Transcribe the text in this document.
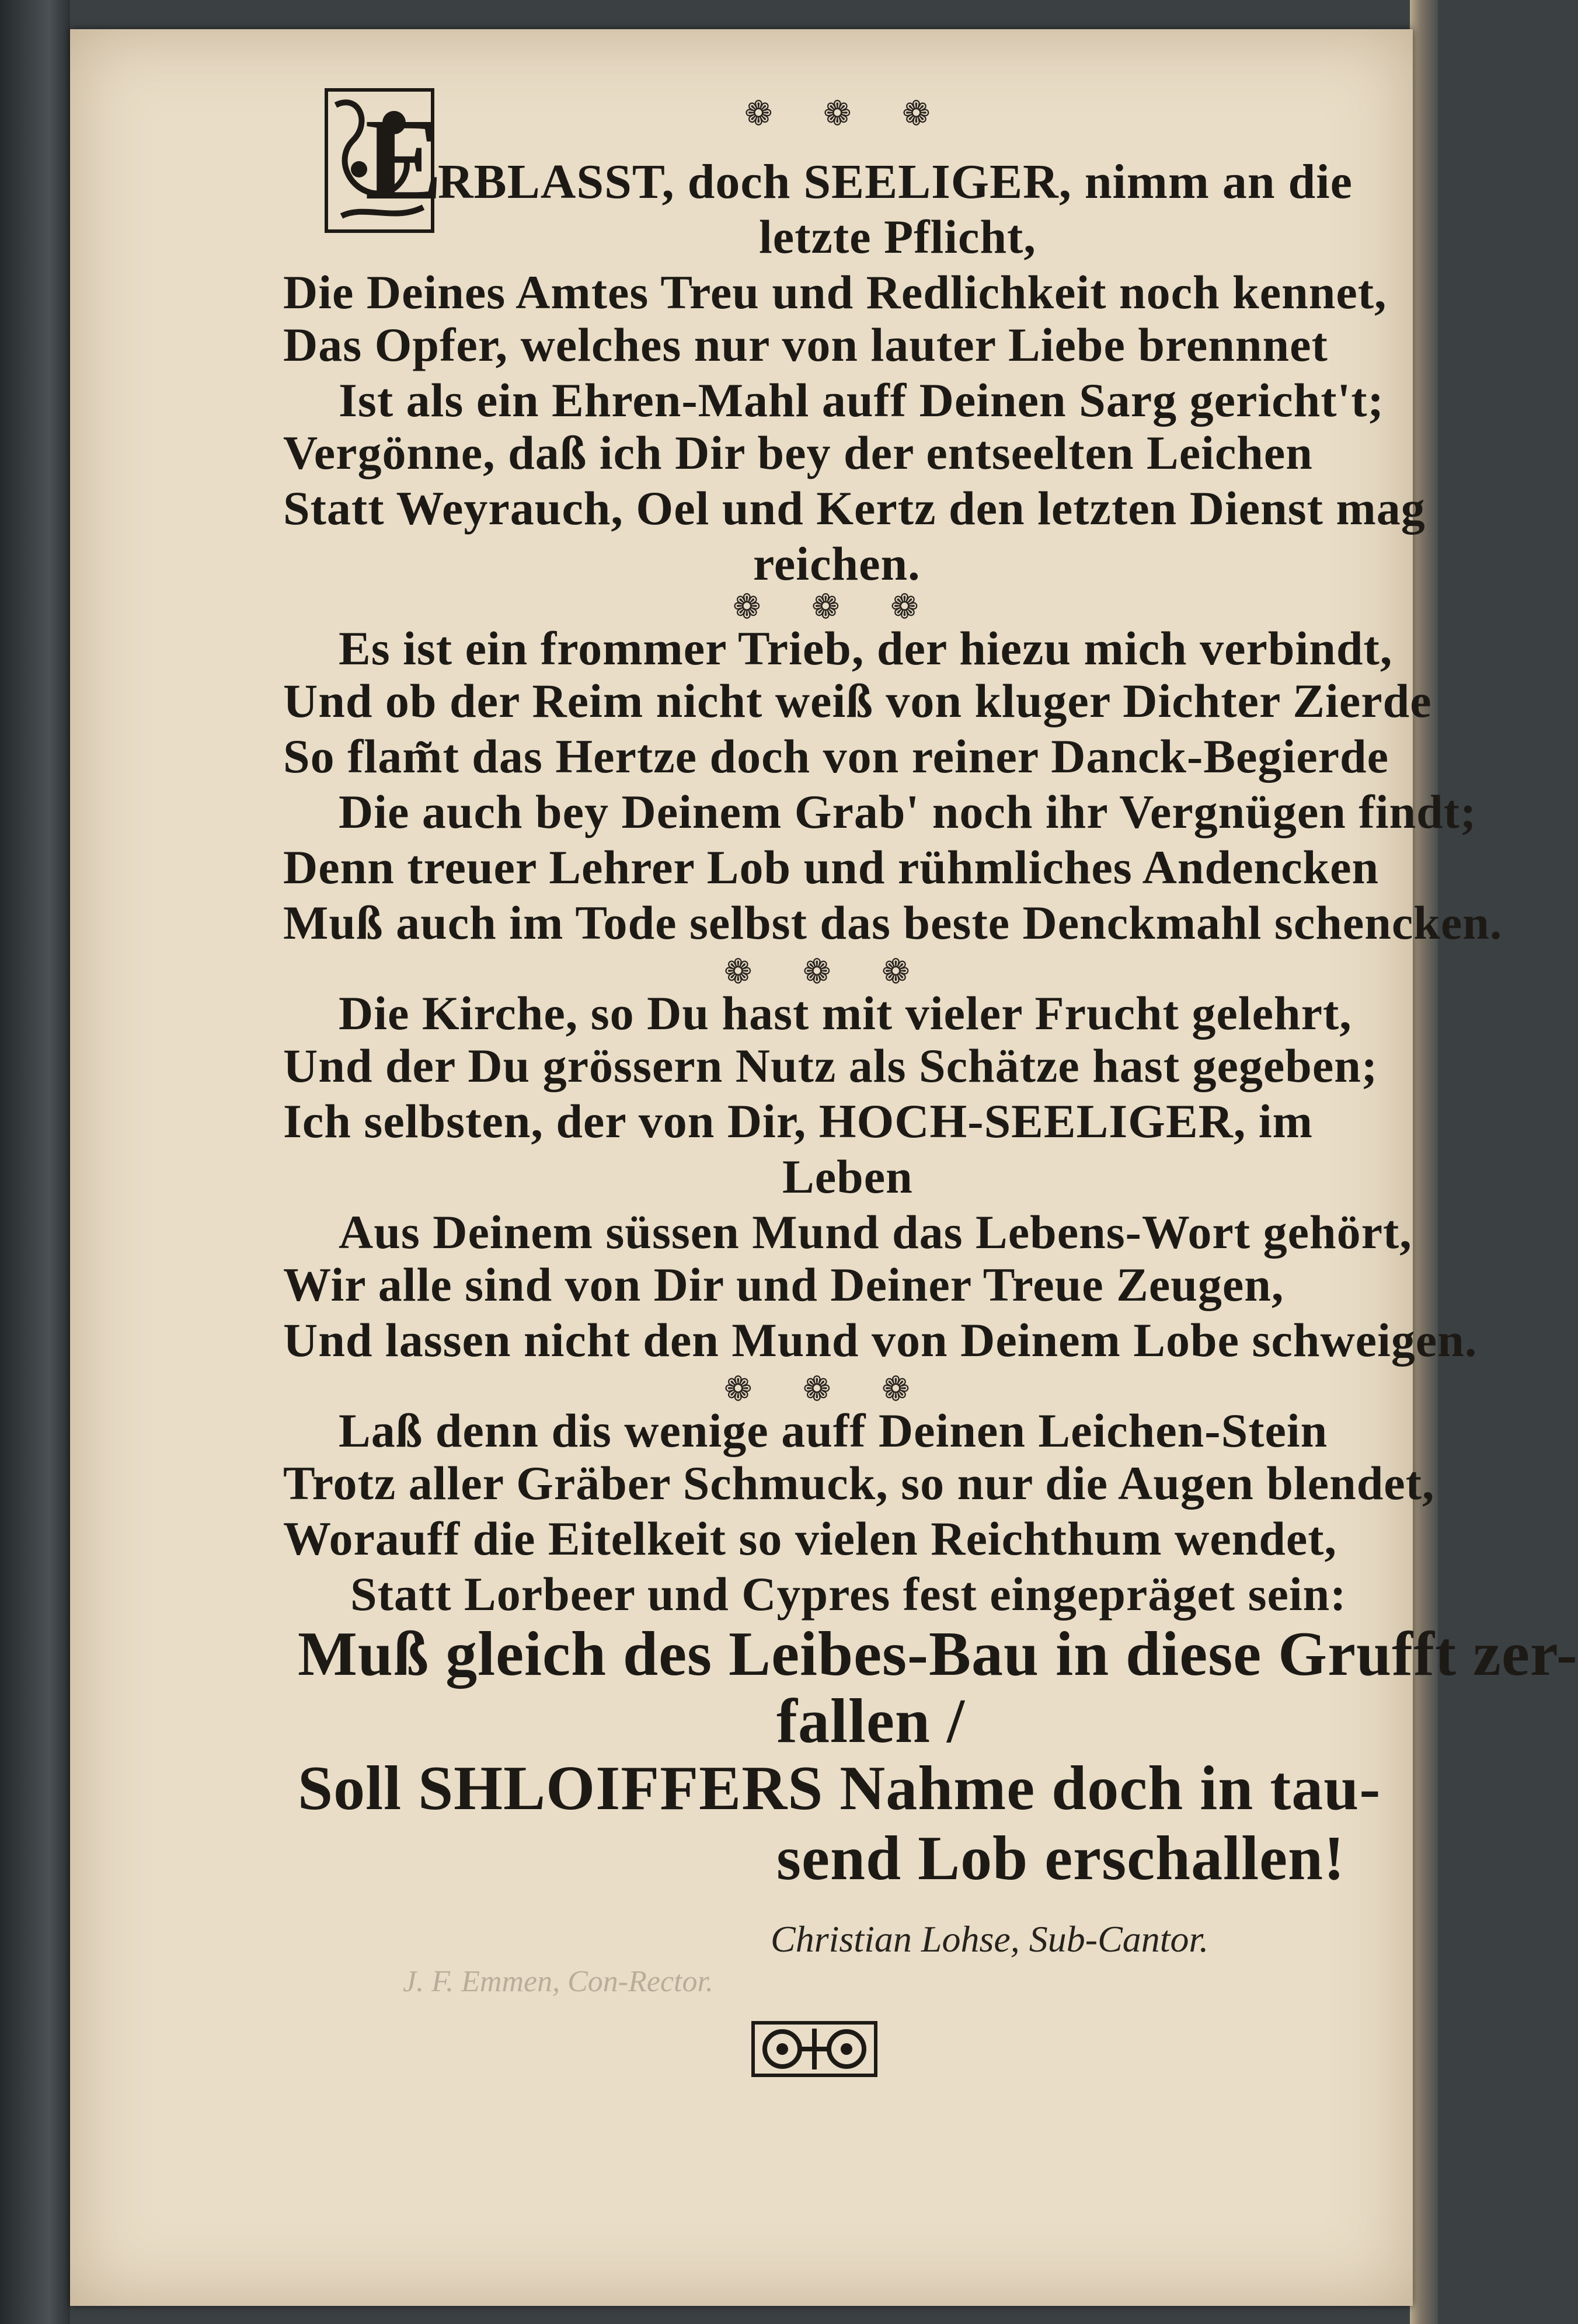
❁ ❁ ❁
E
RBLASST, doch SEELIGER, nimm an die
letzte Pflicht,
Die Deines Amtes Treu und Redlichkeit noch kennet,
Das Opfer, welches nur von lauter Liebe brennnet
Ist als ein Ehren-Mahl auff Deinen Sarg gericht't;
Vergönne, daß ich Dir bey der entseelten Leichen
Statt Weyrauch, Oel und Kertz den letzten Dienst mag
reichen.
❁ ❁ ❁
Es ist ein frommer Trieb, der hiezu mich verbindt,
Und ob der Reim nicht weiß von kluger Dichter Zierde
So flam̃t das Hertze doch von reiner Danck-Begierde
Die auch bey Deinem Grab' noch ihr Vergnügen findt;
Denn treuer Lehrer Lob und rühmliches Andencken
Muß auch im Tode selbst das beste Denckmahl schencken.
❁ ❁ ❁
Die Kirche, so Du hast mit vieler Frucht gelehrt,
Und der Du grössern Nutz als Schätze hast gegeben;
Ich selbsten, der von Dir, HOCH-SEELIGER, im
Leben
Aus Deinem süssen Mund das Lebens-Wort gehört,
Wir alle sind von Dir und Deiner Treue Zeugen,
Und lassen nicht den Mund von Deinem Lobe schweigen.
❁ ❁ ❁
Laß denn dis wenige auff Deinen Leichen-Stein
Trotz aller Gräber Schmuck, so nur die Augen blendet,
Worauff die Eitelkeit so vielen Reichthum wendet,
Statt Lorbeer und Cypres fest eingepräget sein:
Muß gleich des Leibes-Bau in diese Grufft zer-
fallen /
Soll SHLOIFFERS Nahme doch in tau-
send Lob erschallen!
Christian Lohse, Sub-Cantor.
J. F. Emmen, Con-Rector.
